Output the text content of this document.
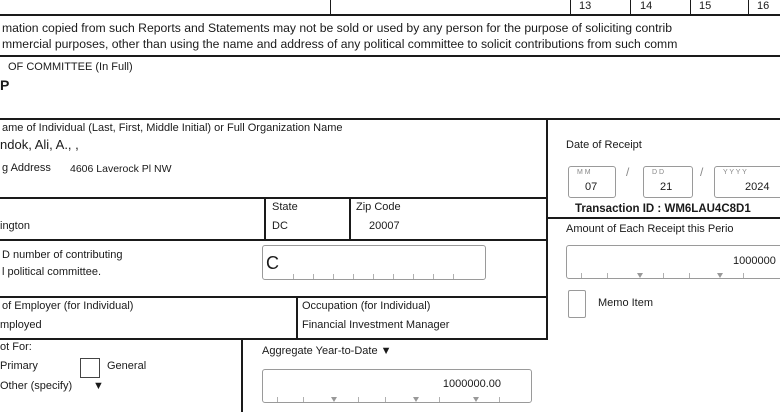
13	14	15	16
mation copied from such Reports and Statements may not be sold or used by any person for the purpose of soliciting contrib
mmercial purposes, other than using the name and address of any political committee to solicit contributions from such comm
OF COMMITTEE (In Full)
P
ame of Individual (Last, First, Middle Initial) or Full Organization Name
ndok, Ali, A., ,
g Address 4606 Laverock Pl NW
ington
State
DC
Zip Code
20007
D number of contributing
l political committee.	C
of Employer (for Individual)
mployed
Occupation (for Individual)
Financial Investment Manager
ot For:
Primary	General
Other (specify) ▼
Aggregate Year-to-Date ▼
1000000.00
Date of Receipt
M M
07
/	D D
21
/	Y Y Y Y
2024
Transaction ID : WM6LAU4C8D1
Amount of Each Receipt this Perio
1000000
Memo Item
